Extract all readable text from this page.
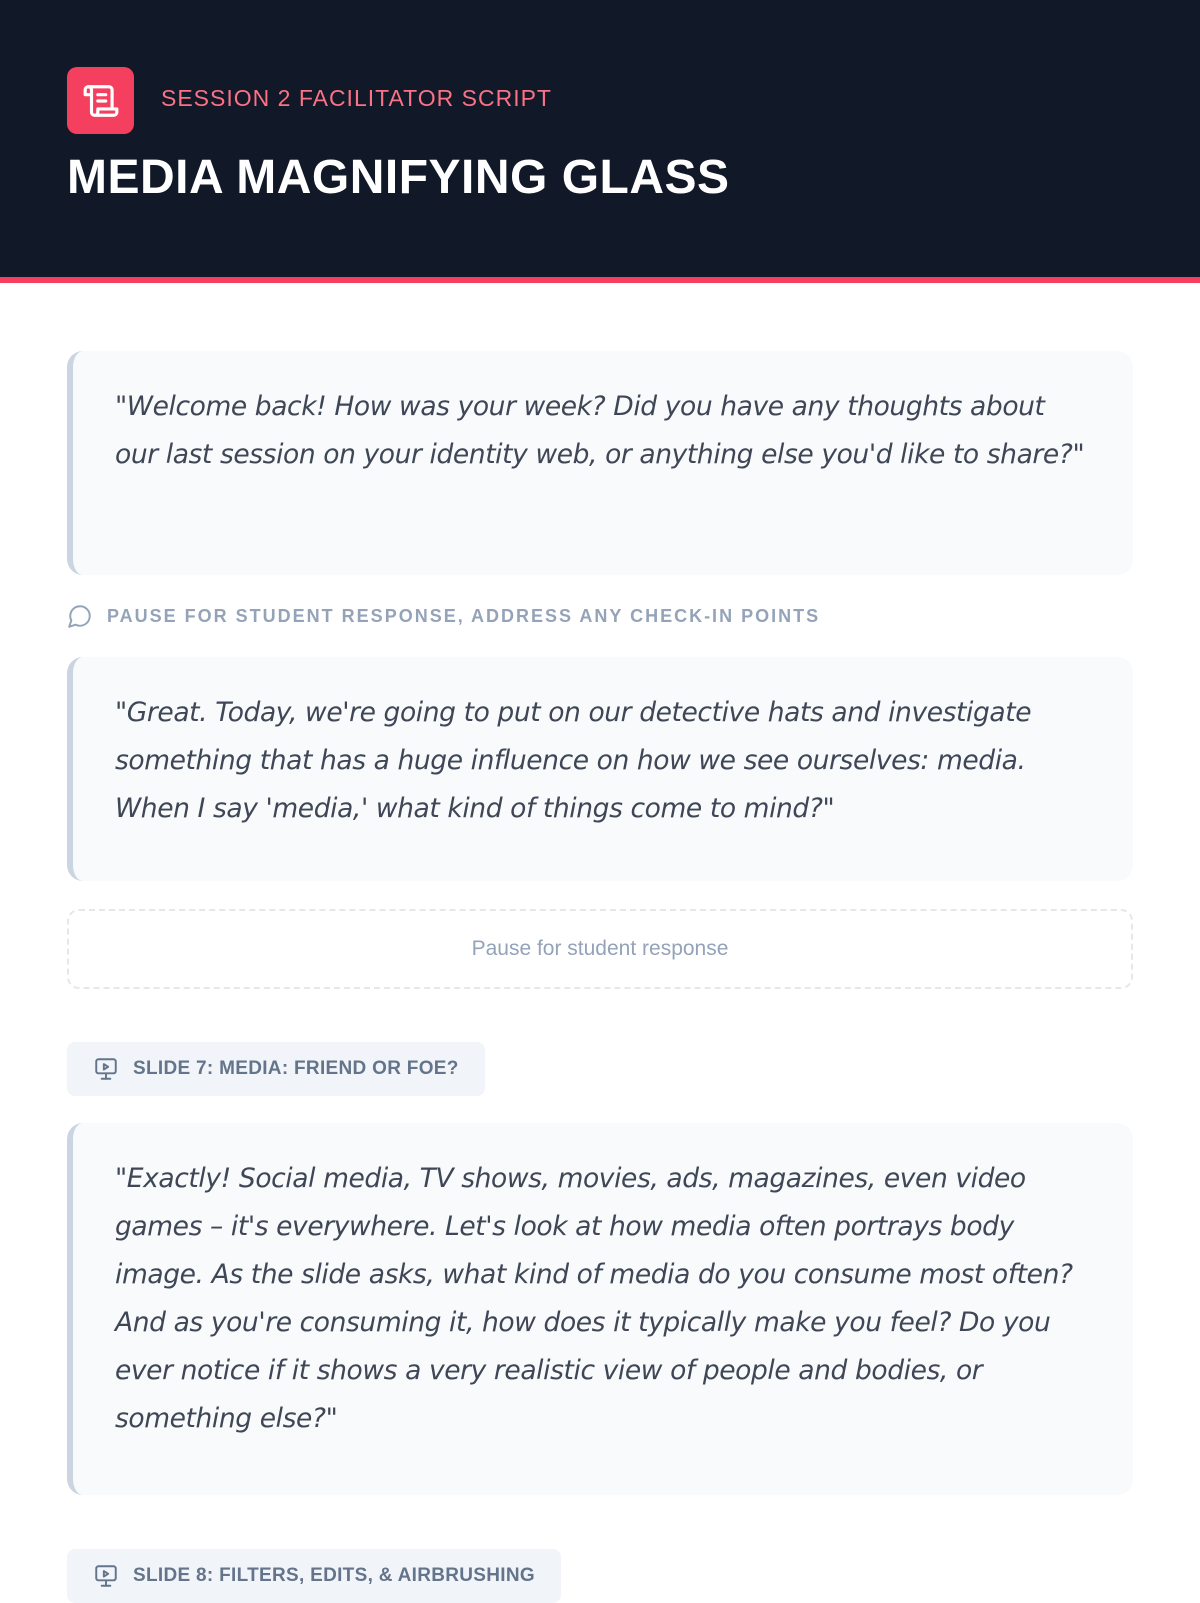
SESSION 2 FACILITATOR SCRIPT
MEDIA MAGNIFYING GLASS

"Welcome back! How was your week? Did you have any thoughts about our last session on your identity web, or anything else you'd like to share?"

PAUSE FOR STUDENT RESPONSE, ADDRESS ANY CHECK-IN POINTS

"Great. Today, we're going to put on our detective hats and investigate something that has a huge influence on how we see ourselves: media. When I say 'media,' what kind of things come to mind?"

Pause for student response
SLIDE 7: MEDIA: FRIEND OR FOE?

"Exactly! Social media, TV shows, movies, ads, magazines, even video games – it's everywhere. Let's look at how media often portrays body image. As the slide asks, what kind of media do you consume most often? And as you're consuming it, how does it typically make you feel? Do you ever notice if it shows a very realistic view of people and bodies, or something else?"

SLIDE 8: FILTERS, EDITS, & AIRBRUSHING
